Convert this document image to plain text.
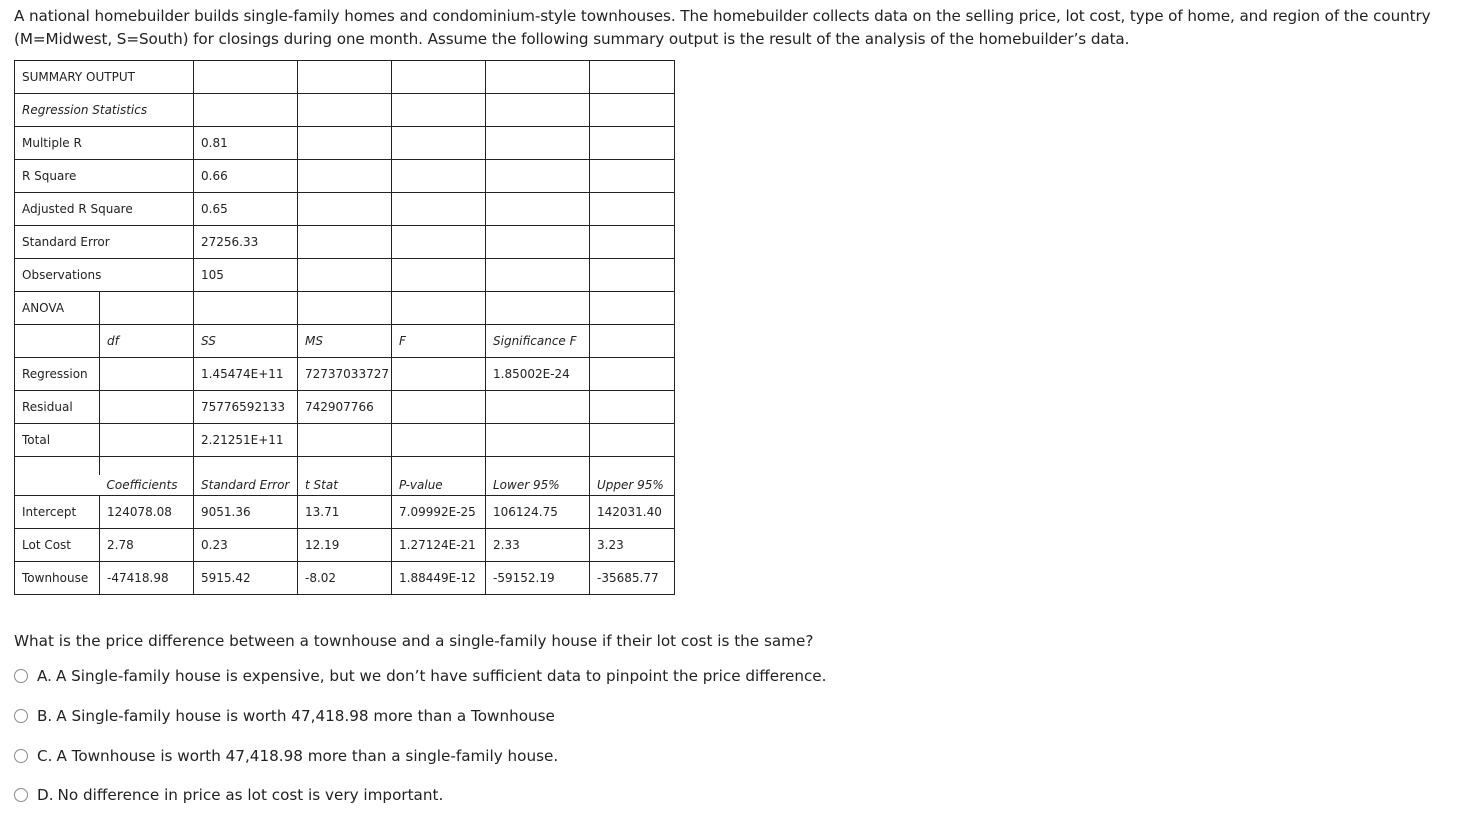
A national homebuilder builds single-family homes and condominium-style townhouses. The homebuilder collects data on the selling price, lot cost, type of home, and region of the country (M=Midwest, S=South) for closings during one month. Assume the following summary output is the result of the analysis of the homebuilder’s data.
SUMMARY OUTPUT						
Regression Statistics						
Multiple R		0.81				
R Square		0.66				
Adjusted R Square		0.65				
Standard Error		27256.33				
Observations		105				
ANOVA						
	df	SS	MS	F	Significance F	
Regression		1.45474E+11	72737033727		1.85002E-24	
Residual		75776592133	742907766			
Total		2.21251E+11				

	Coefficients	Standard Error	t Stat	P-value	Lower 95%	Upper 95%
Intercept	124078.08	9051.36	13.71	7.09992E-25	106124.75	142031.40
Lot Cost	2.78	0.23	12.19	1.27124E-21	2.33	3.23
Townhouse	-47418.98	5915.42	-8.02	1.88449E-12	-59152.19	-35685.77
What is the price difference between a townhouse and a single-family house if their lot cost is the same?
A. A Single-family house is expensive, but we don’t have sufficient data to pinpoint the price difference.
B. A Single-family house is worth 47,418.98 more than a Townhouse
C. A Townhouse is worth 47,418.98 more than a single-family house.
D. No difference in price as lot cost is very important.
